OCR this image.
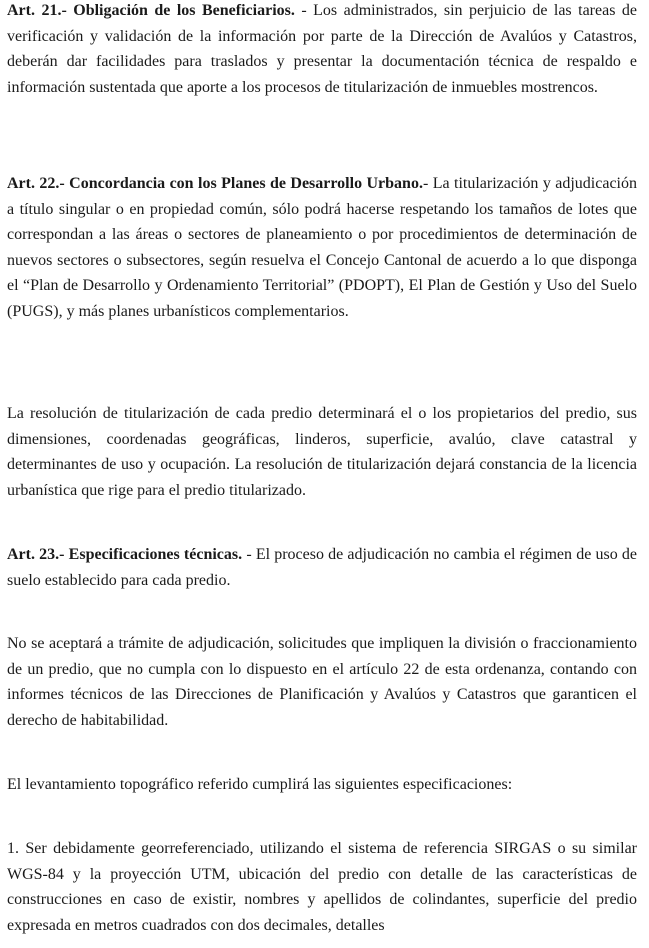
Art. 21.- Obligación de los Beneficiarios. - Los administrados, sin perjuicio de las tareas de verificación y validación de la información por parte de la Dirección de Avalúos y Catastros, deberán dar facilidades para traslados y presentar la documentación técnica de respaldo e información sustentada que aporte a los procesos de titularización de inmuebles mostrencos.

Art. 22.- Concordancia con los Planes de Desarrollo Urbano.- La titularización y adjudicación a título singular o en propiedad común, sólo podrá hacerse respetando los tamaños de lotes que correspondan a las áreas o sectores de planeamiento o por procedimientos de determinación de nuevos sectores o subsectores, según resuelva el Concejo Cantonal de acuerdo a lo que disponga el “Plan de Desarrollo y Ordenamiento Territorial” (PDOPT), El Plan de Gestión y Uso del Suelo (PUGS), y más planes urbanísticos complementarios.

La resolución de titularización de cada predio determinará el o los propietarios del predio, sus dimensiones, coordenadas geográficas, linderos, superficie, avalúo, clave catastral y determinantes de uso y ocupación. La resolución de titularización dejará constancia de la licencia urbanística que rige para el predio titularizado.

Art. 23.- Especificaciones técnicas. - El proceso de adjudicación no cambia el régimen de uso de suelo establecido para cada predio.

No se aceptará a trámite de adjudicación, solicitudes que impliquen la división o fraccionamiento de un predio, que no cumpla con lo dispuesto en el artículo 22 de esta ordenanza, contando con informes técnicos de las Direcciones de Planificación y Avalúos y Catastros que garanticen el derecho de habitabilidad.

El levantamiento topográfico referido cumplirá las siguientes especificaciones:

1. Ser debidamente georreferenciado, utilizando el sistema de referencia SIRGAS o su similar WGS-84 y la proyección UTM, ubicación del predio con detalle de las características de construcciones en caso de existir, nombres y apellidos de colindantes, superficie del predio expresada en metros cuadrados con dos decimales, detalles
